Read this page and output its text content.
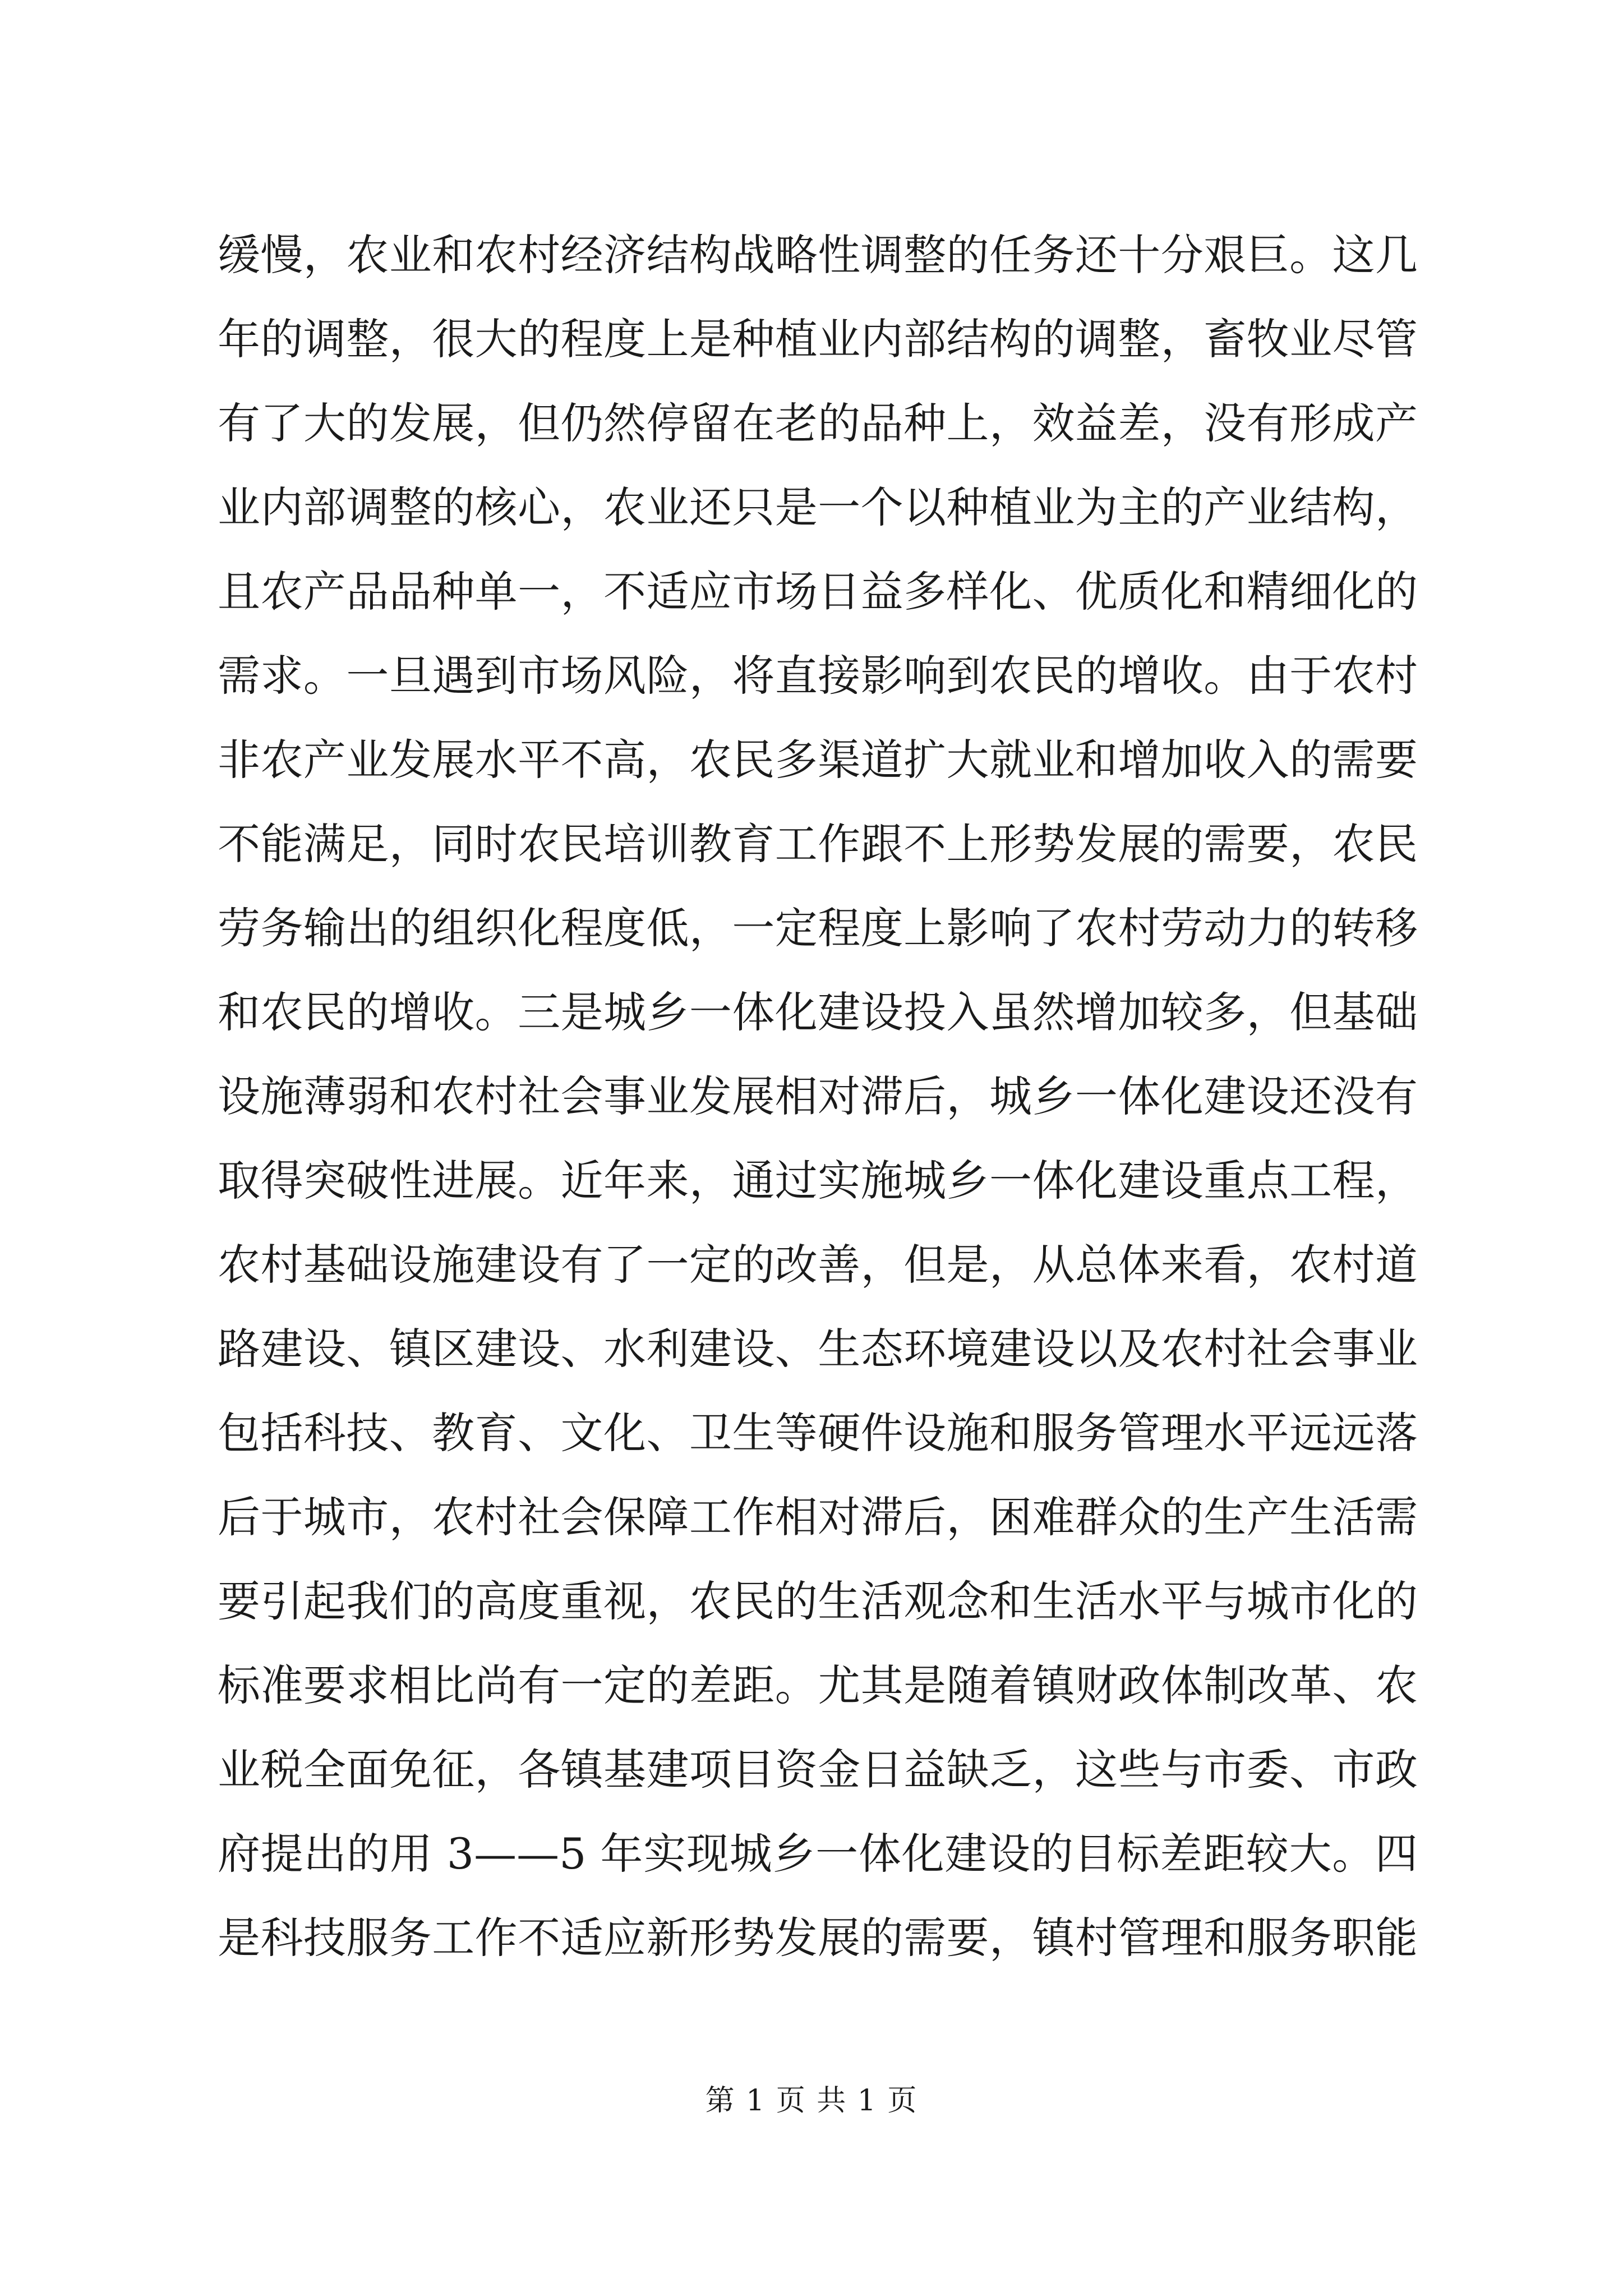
缓慢，农业和农村经济结构战略性调整的任务还十分艰巨。这几
年的调整，很大的程度上是种植业内部结构的调整，畜牧业尽管
有了大的发展，但仍然停留在老的品种上，效益差，没有形成产
业内部调整的核心，农业还只是一个以种植业为主的产业结构，
且农产品品种单一，不适应市场日益多样化、优质化和精细化的
需求。一旦遇到市场风险，将直接影响到农民的增收。由于农村
非农产业发展水平不高，农民多渠道扩大就业和增加收入的需要
不能满足，同时农民培训教育工作跟不上形势发展的需要，农民
劳务输出的组织化程度低，一定程度上影响了农村劳动力的转移
和农民的增收。三是城乡一体化建设投入虽然增加较多，但基础
设施薄弱和农村社会事业发展相对滞后，城乡一体化建设还没有
取得突破性进展。近年来，通过实施城乡一体化建设重点工程，
农村基础设施建设有了一定的改善，但是，从总体来看，农村道
路建设、镇区建设、水利建设、生态环境建设以及农村社会事业
包括科技、教育、文化、卫生等硬件设施和服务管理水平远远落
后于城市，农村社会保障工作相对滞后，困难群众的生产生活需
要引起我们的高度重视，农民的生活观念和生活水平与城市化的
标准要求相比尚有一定的差距。尤其是随着镇财政体制改革、农
业税全面免征，各镇基建项目资金日益缺乏，这些与市委、市政
府提出的用 3——5 年实现城乡一体化建设的目标差距较大。四
是科技服务工作不适应新形势发展的需要，镇村管理和服务职能
第 1 页 共 1 页
